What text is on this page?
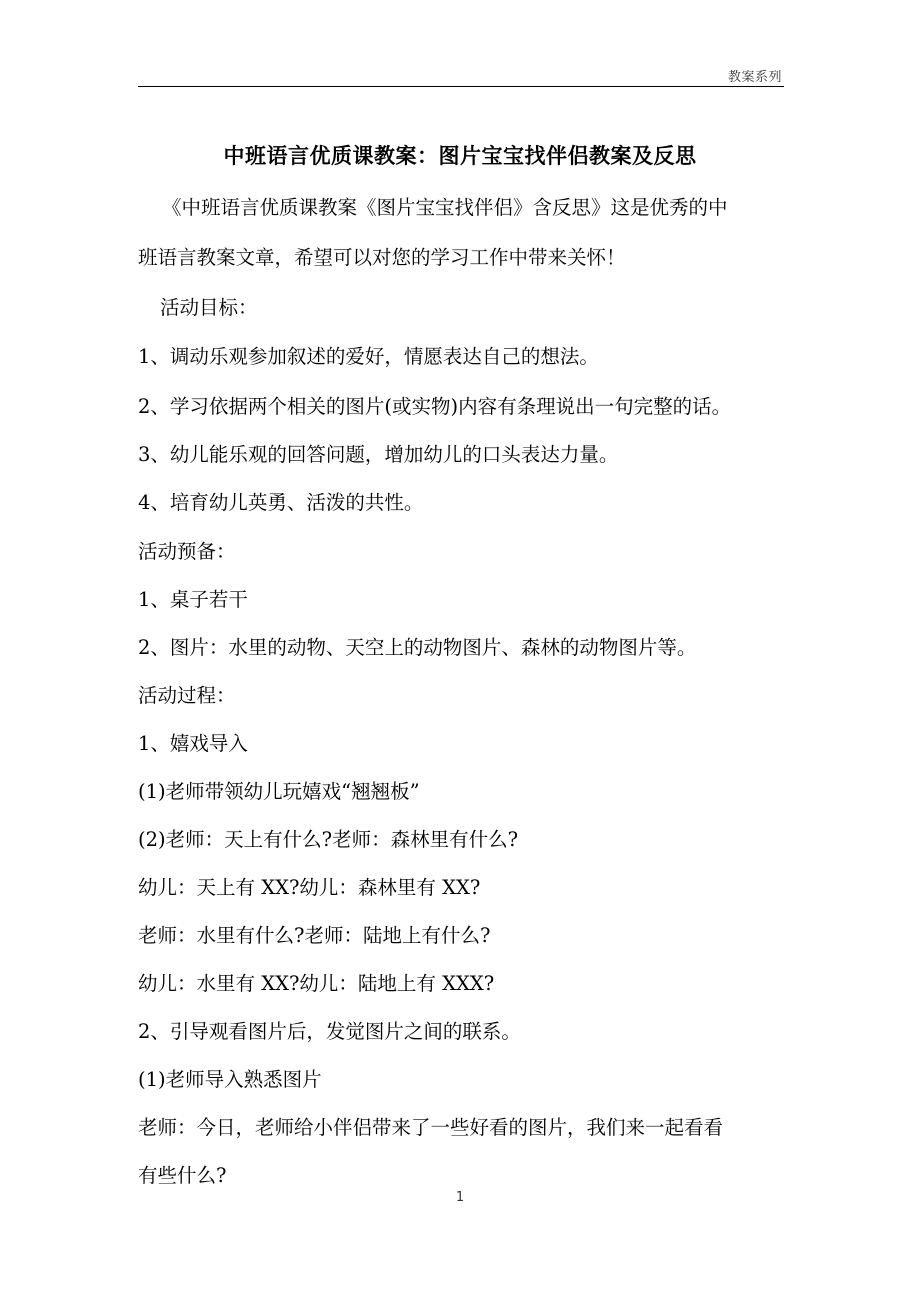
教案系列
中班语言优质课教案：图片宝宝找伴侣教案及反思
《中班语言优质课教案《图片宝宝找伴侣》含反思》这是优秀的中
班语言教案文章，希望可以对您的学习工作中带来关怀！
活动目标：
1、调动乐观参加叙述的爱好，情愿表达自己的想法。
2、学习依据两个相关的图片(或实物)内容有条理说出一句完整的话。
3、幼儿能乐观的回答问题，增加幼儿的口头表达力量。
4、培育幼儿英勇、活泼的共性。
活动预备：
1、桌子若干
2、图片：水里的动物、天空上的动物图片、森林的动物图片等。
活动过程：
1、嬉戏导入
(1)老师带领幼儿玩嬉戏“翘翘板”
(2)老师：天上有什么?老师：森林里有什么?
幼儿：天上有 XX?幼儿：森林里有 XX?
老师：水里有什么?老师：陆地上有什么?
幼儿：水里有 XX?幼儿：陆地上有 XXX?
2、引导观看图片后，发觉图片之间的联系。
(1)老师导入熟悉图片
老师：今日，老师给小伴侣带来了一些好看的图片，我们来一起看看
有些什么?
1
